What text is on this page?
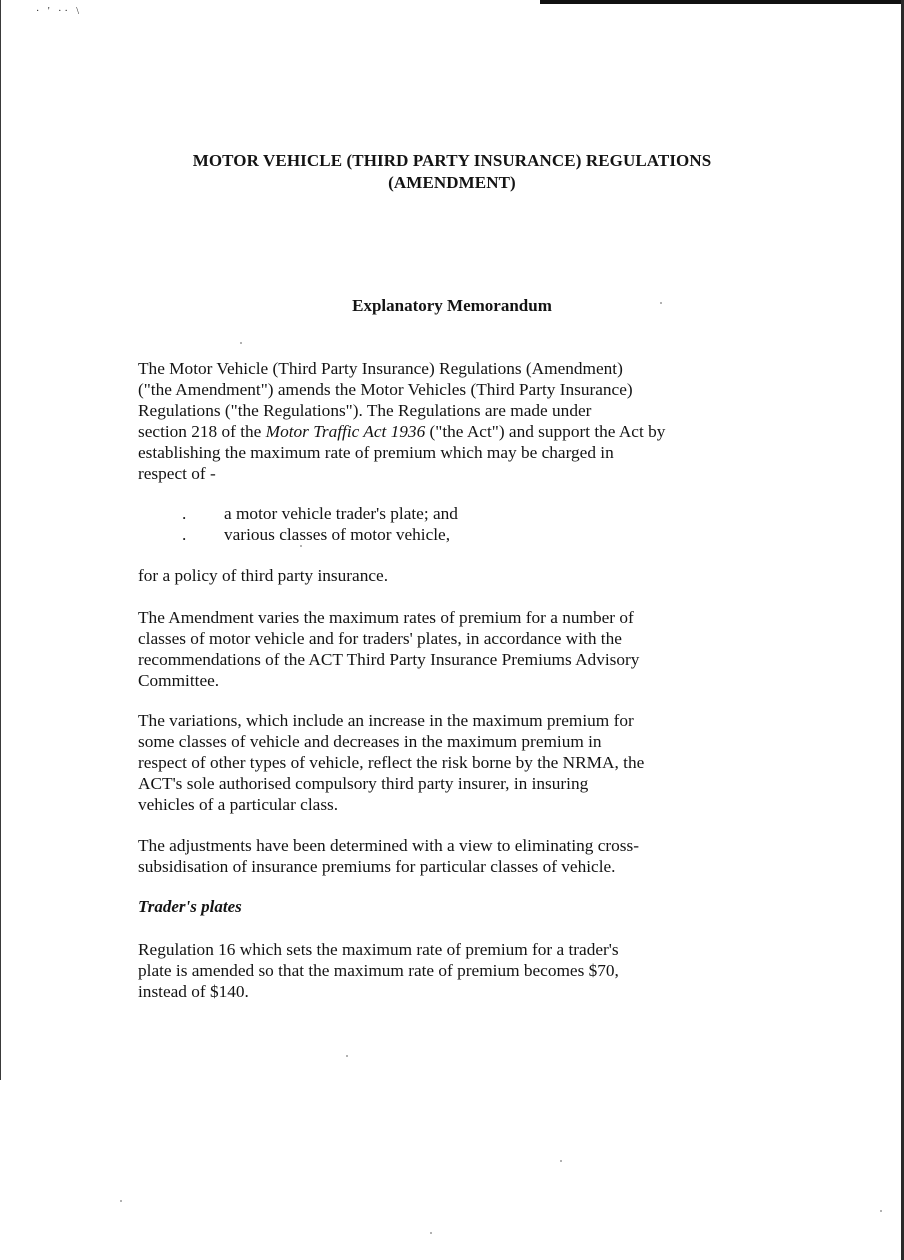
· ' ·· \
MOTOR VEHICLE (THIRD PARTY INSURANCE) REGULATIONS
(AMENDMENT)
Explanatory Memorandum
The Motor Vehicle (Third Party Insurance) Regulations (Amendment)
("the Amendment") amends the Motor Vehicles (Third Party Insurance)
Regulations ("the Regulations"). The Regulations are made under
section 218 of the Motor Traffic Act 1936 ("the Act") and support the Act by
establishing the maximum rate of premium which may be charged in
respect of -
. a motor vehicle trader's plate; and
. various classes of motor vehicle,
for a policy of third party insurance.
The Amendment varies the maximum rates of premium for a number of
classes of motor vehicle and for traders' plates, in accordance with the
recommendations of the ACT Third Party Insurance Premiums Advisory
Committee.
The variations, which include an increase in the maximum premium for
some classes of vehicle and decreases in the maximum premium in
respect of other types of vehicle, reflect the risk borne by the NRMA, the
ACT's sole authorised compulsory third party insurer, in insuring
vehicles of a particular class.
The adjustments have been determined with a view to eliminating cross-
subsidisation of insurance premiums for particular classes of vehicle.
Trader's plates
Regulation 16 which sets the maximum rate of premium for a trader's
plate is amended so that the maximum rate of premium becomes $70,
instead of $140.
